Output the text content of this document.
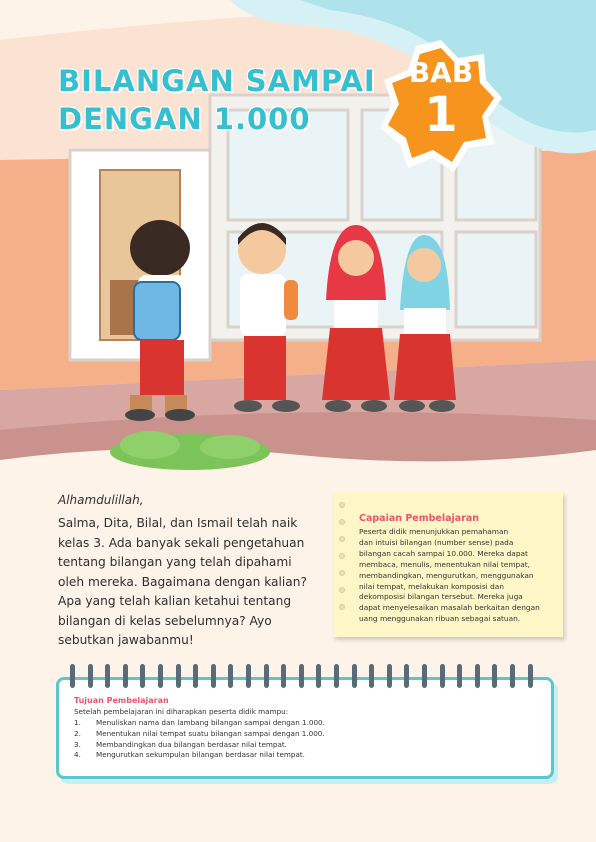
BILANGAN SAMPAI
DENGAN 1.000
BAB
1
Alhamdulillah,
Salma, Dita, Bilal, dan Ismail telah naik kelas 3. Ada banyak sekali pengetahuan tentang bilangan yang telah dipahami oleh mereka. Bagaimana dengan kalian? Apa yang telah kalian ketahui tentang bilangan di kelas sebelumnya? Ayo sebutkan jawabanmu!
Capaian Pembelajaran
Peserta didik menunjukkan pemahaman
dan intuisi bilangan (number sense) pada
bilangan cacah sampai 10.000. Mereka dapat
membaca, menulis, menentukan nilai tempat,
membandingkan, mengurutkan, menggunakan
nilai tempat, melakukan komposisi dan
dekomposisi bilangan tersebut. Mereka juga
dapat menyelesaikan masalah berkaitan dengan
uang menggunakan ribuan sebagai satuan.
Tujuan Pembelajaran
Setelah pembelajaran ini diharapkan peserta didik mampu:
1.	Menuliskan nama dan lambang bilangan sampai dengan 1.000.
2.	Menentukan nilai tempat suatu bilangan sampai dengan 1.000.
3.	Membandingkan dua bilangan berdasar nilai tempat.
4.	Mengurutkan sekumpulan bilangan berdasar nilai tempat.
